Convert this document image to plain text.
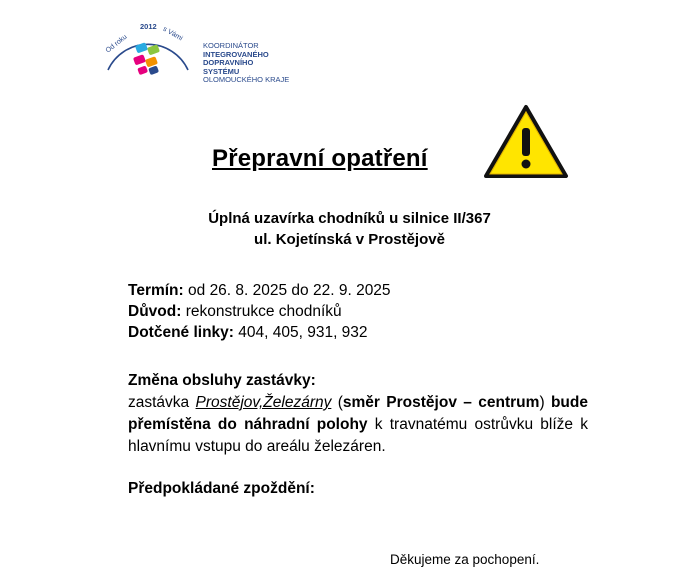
Od roku
2012 s Vámi
KOORDINÁTOR
INTEGROVANÉHO
DOPRAVNÍHO SYSTÉMU
OLOMOUCKÉHO KRAJE
Přepravní opatření
Úplná uzavírka chodníků u silnice II/367
ul. Kojetínská v Prostějově
Termín: od 26. 8. 2025 do 22. 9. 2025
Důvod: rekonstrukce chodníků
Dotčené linky: 404, 405, 931, 932
Změna obsluhy zastávky:
zastávka Prostějov,Železárny (směr Prostějov – centrum) bude přemístěna do náhradní polohy k travnatému ostrůvku blíže k hlavnímu vstupu do areálu železáren.
Předpokládané zpoždění:
Děkujeme za pochopení.
